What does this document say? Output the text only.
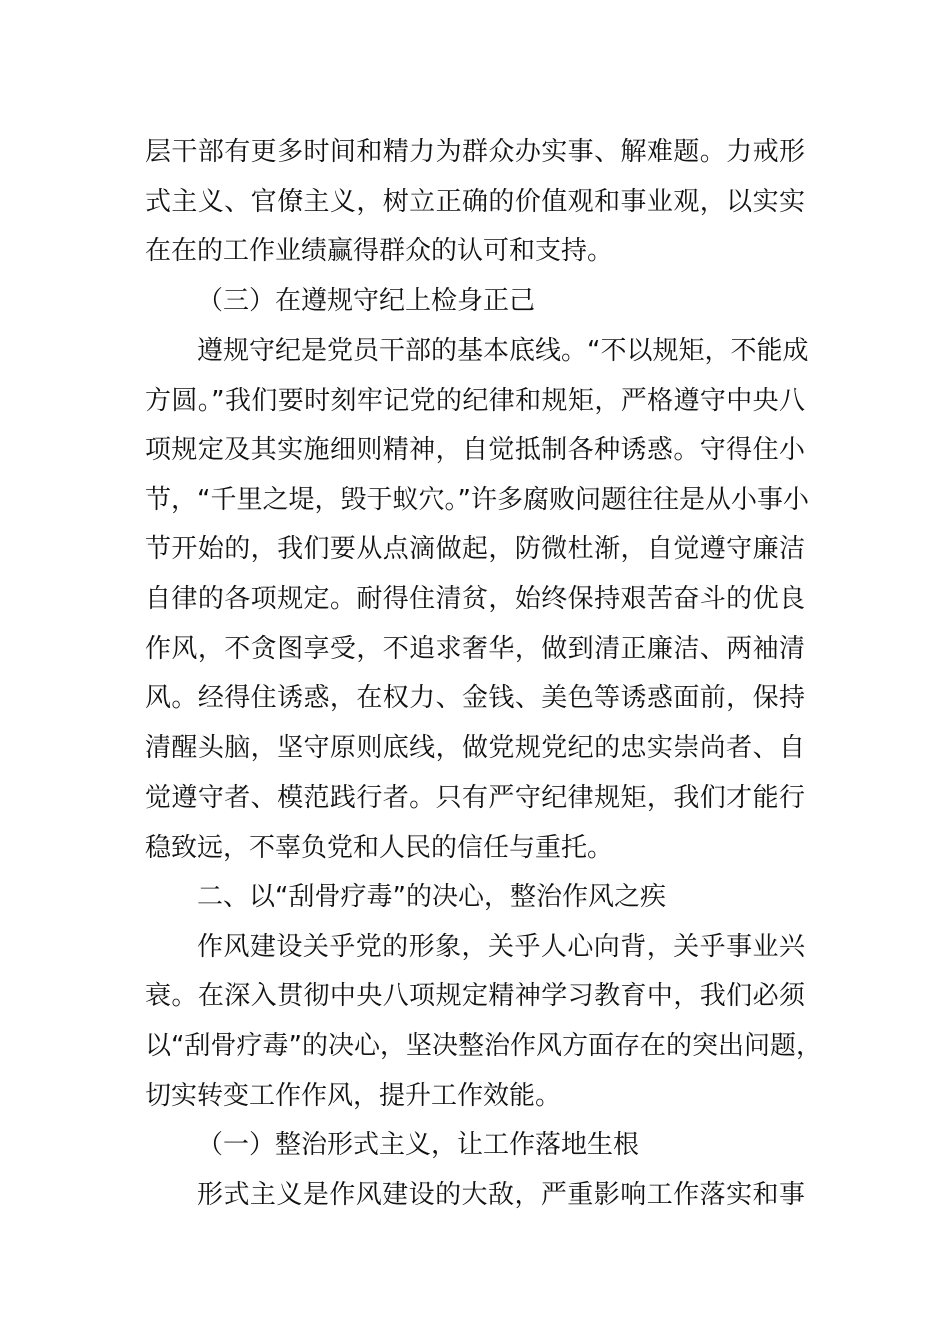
层干部有更多时间和精力为群众办实事、解难题。力戒形
式主义、官僚主义，树立正确的价值观和事业观，以实实
在在的工作业绩赢得群众的认可和支持。
（三）在遵规守纪上检身正己
遵规守纪是党员干部的基本底线。“不以规矩，不能成
方圆。”我们要时刻牢记党的纪律和规矩，严格遵守中央八
项规定及其实施细则精神，自觉抵制各种诱惑。守得住小
节，“千里之堤，毁于蚁穴。”许多腐败问题往往是从小事小
节开始的，我们要从点滴做起，防微杜渐，自觉遵守廉洁
自律的各项规定。耐得住清贫，始终保持艰苦奋斗的优良
作风，不贪图享受，不追求奢华，做到清正廉洁、两袖清
风。经得住诱惑，在权力、金钱、美色等诱惑面前，保持
清醒头脑，坚守原则底线，做党规党纪的忠实崇尚者、自
觉遵守者、模范践行者。只有严守纪律规矩，我们才能行
稳致远，不辜负党和人民的信任与重托。
二、以“刮骨疗毒”的决心，整治作风之疾
作风建设关乎党的形象，关乎人心向背，关乎事业兴
衰。在深入贯彻中央八项规定精神学习教育中，我们必须
以“刮骨疗毒”的决心，坚决整治作风方面存在的突出问题，
切实转变工作作风，提升工作效能。
（一）整治形式主义，让工作落地生根
形式主义是作风建设的大敌，严重影响工作落实和事
